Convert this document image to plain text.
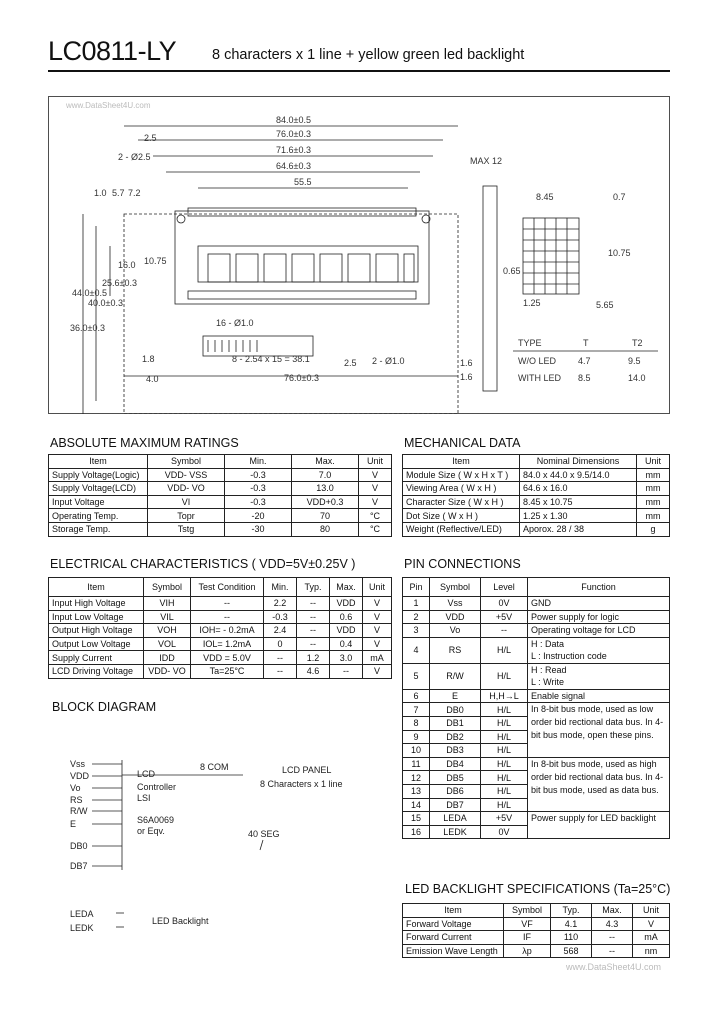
LC0811-LY 8 characters x 1 line + yellow green led backlight
www.DataSheet4U.com
84.0±0.5
76.0±0.3
71.6±0.3
64.6±0.3
55.5
2.5
2 - Ø2.5
1.0 5.7 7.2
44.0±0.5
40.0±0.3
36.0±0.3
25.6±0.3
16.0 10.75
16 - Ø1.0
1.8
4.0
8 - 2.54 x 15 = 38.1
76.0±0.3
2.5 2 - Ø1.0
MAX 12
8.45	0.7
10.75
5.65
1.25
0.65
1.6
1.6
TYPE	T	T2
W/O LED 4.7	9.5
WITH LED 8.5	14.0
ABSOLUTE MAXIMUM RATINGS
Item	Symbol	Min.	Max.	Unit
Supply Voltage(Logic)	VDD- VSS	-0.3	7.0	V
Supply Voltage(LCD)	VDD- VO	-0.3	13.0	V
Input Voltage	VI	-0.3	VDD+0.3	V
Operating Temp.	Topr	-20	70	°C
Storage Temp.	Tstg	-30	80	°C
MECHANICAL DATA
Item	Nominal Dimensions	Unit
Module Size ( W x H x T )	84.0 x 44.0 x 9.5/14.0	mm
Viewing Area ( W x H )	64.6 x 16.0	mm
Character Size ( W x H )	8.45 x 10.75	mm
Dot Size ( W x H )	1.25 x 1.30	mm
Weight (Reflective/LED)	Aporox. 28 / 38	g
ELECTRICAL CHARACTERISTICS ( VDD=5V±0.25V )
Item	Symbol	Test Condition	Min.	Typ.	Max.	Unit
Input High Voltage	VIH	--	2.2	--	VDD	V
Input Low Voltage	VIL	--	-0.3	--	0.6	V
Output High Voltage	VOH	IOH= - 0.2mA	2.4	--	VDD	V
Output Low Voltage	VOL	IOL= 1.2mA	0	--	0.4	V
Supply Current	IDD	VDD = 5.0V	--	1.2	3.0	mA
LCD Driving Voltage	VDD- VO	Ta=25°C	--	4.6	--	V
PIN CONNECTIONS
Pin	Symbol	Level	Function
1	Vss	0V	GND
2	VDD	+5V	Power supply for logic
3	Vo	--	Operating voltage for LCD
4	RS	H/L	H : Data
L : Instruction code
5	R/W	H/L	H : Read
L : Write
6	E	H,H→L	Enable signal
7	DB0	H/L	In 8-bit bus mode, used as low order bid rectional data bus. In 4-bit bus mode, open these pins.
8	DB1	H/L	
9	DB2	H/L	
10	DB3	H/L	
11	DB4	H/L	In 8-bit bus mode, used as high order bid rectional data bus. In 4-bit bus mode, used as data bus.
12	DB5	H/L	
13	DB6	H/L	
14	DB7	H/L	
15	LEDA	+5V	Power supply for LED backlight
16	LEDK	0V	
BLOCK DIAGRAM
Vss
VDD
Vo
RS
R/W
E
DB0
DB7
LCD
Controller
LSI
S6A0069
or Eqv.
8 COM
40 SEG
LCD PANEL
8 Characters x 1 line
LEDA
LEDK
LED Backlight
LED BACKLIGHT SPECIFICATIONS (Ta=25°C)
Item	Symbol	Typ.	Max.	Unit
Forward Voltage	VF	4.1	4.3	V
Forward Current	IF	110	--	mA
Emission Wave Length	λp	568	--	nm
www.DataSheet4U.com
